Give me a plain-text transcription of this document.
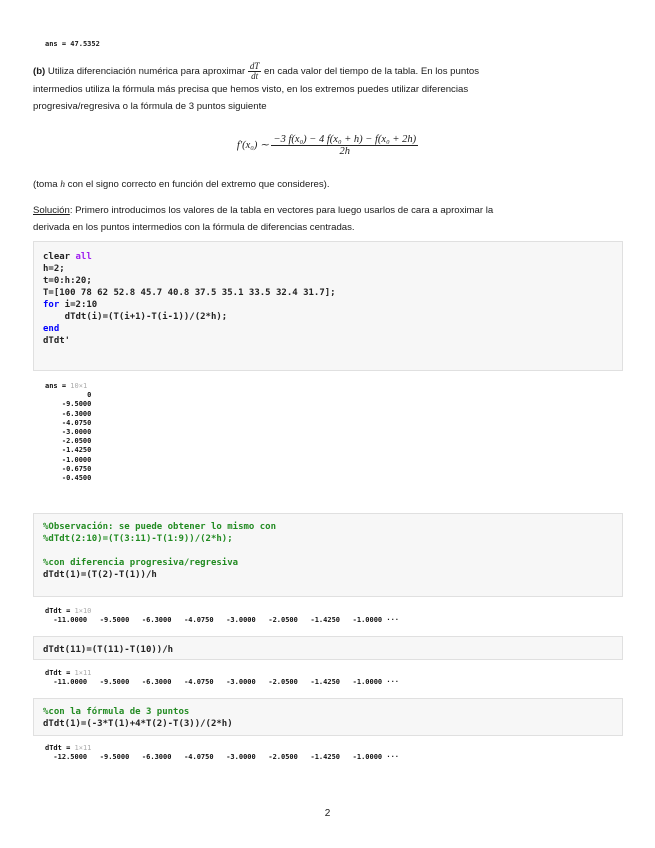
ans = 47.5352
(b) Utiliza diferenciación numérica para aproximar $\frac{dT}{dt}$ en cada valor del tiempo de la tabla. En los puntos
intermedios utiliza la fórmula más precisa que hemos visto, en los extremos puedes utilizar diferencias
progresiva/regresiva o la fórmula de 3 puntos siguiente
f′(x₀) ∼ $\frac{\text{−3 f(x₀) − 4 f(x₀ + h) − f(x₀ + 2h)}}{2h}$
(toma h con el signo correcto en función del extremo que consideres).
Solución: Primero introducimos los valores de la tabla en vectores para luego usarlos de cara a aproximar la
derivada en los puntos intermedios con la fórmula de diferencias centradas.
clear all
h=2;
t=0:h:20;
T=[100 78 62 52.8 45.7 40.8 37.5 35.1 33.5 32.4 31.7];
for i=2:10
dTdt(i)=(T(i+1)-T(i-1))/(2*h);
end
dTdt'
ans = 10×1
0
-9.5000
-6.3000
-4.0750
-3.0000
-2.0500
-1.4250
-1.0000
-0.6750
-0.4500
%Observación: se puede obtener lo mismo con
%dTdt(2:10)=(T(3:11)-T(1:9))/(2*h);

%con diferencia progresiva/regresiva
dTdt(1)=(T(2)-T(1))/h
dTdt = 1×10
-11.0000   -9.5000   -6.3000   -4.0750   -3.0000   -2.0500   -1.4250   -1.0000 ···
dTdt(11)=(T(11)-T(10))/h
dTdt = 1×11
-11.0000   -9.5000   -6.3000   -4.0750   -3.0000   -2.0500   -1.4250   -1.0000 ···
%con la fórmula de 3 puntos
dTdt(1)=(-3*T(1)+4*T(2)-T(3))/(2*h)
dTdt = 1×11
-12.5000   -9.5000   -6.3000   -4.0750   -3.0000   -2.0500   -1.4250   -1.0000 ···
2
